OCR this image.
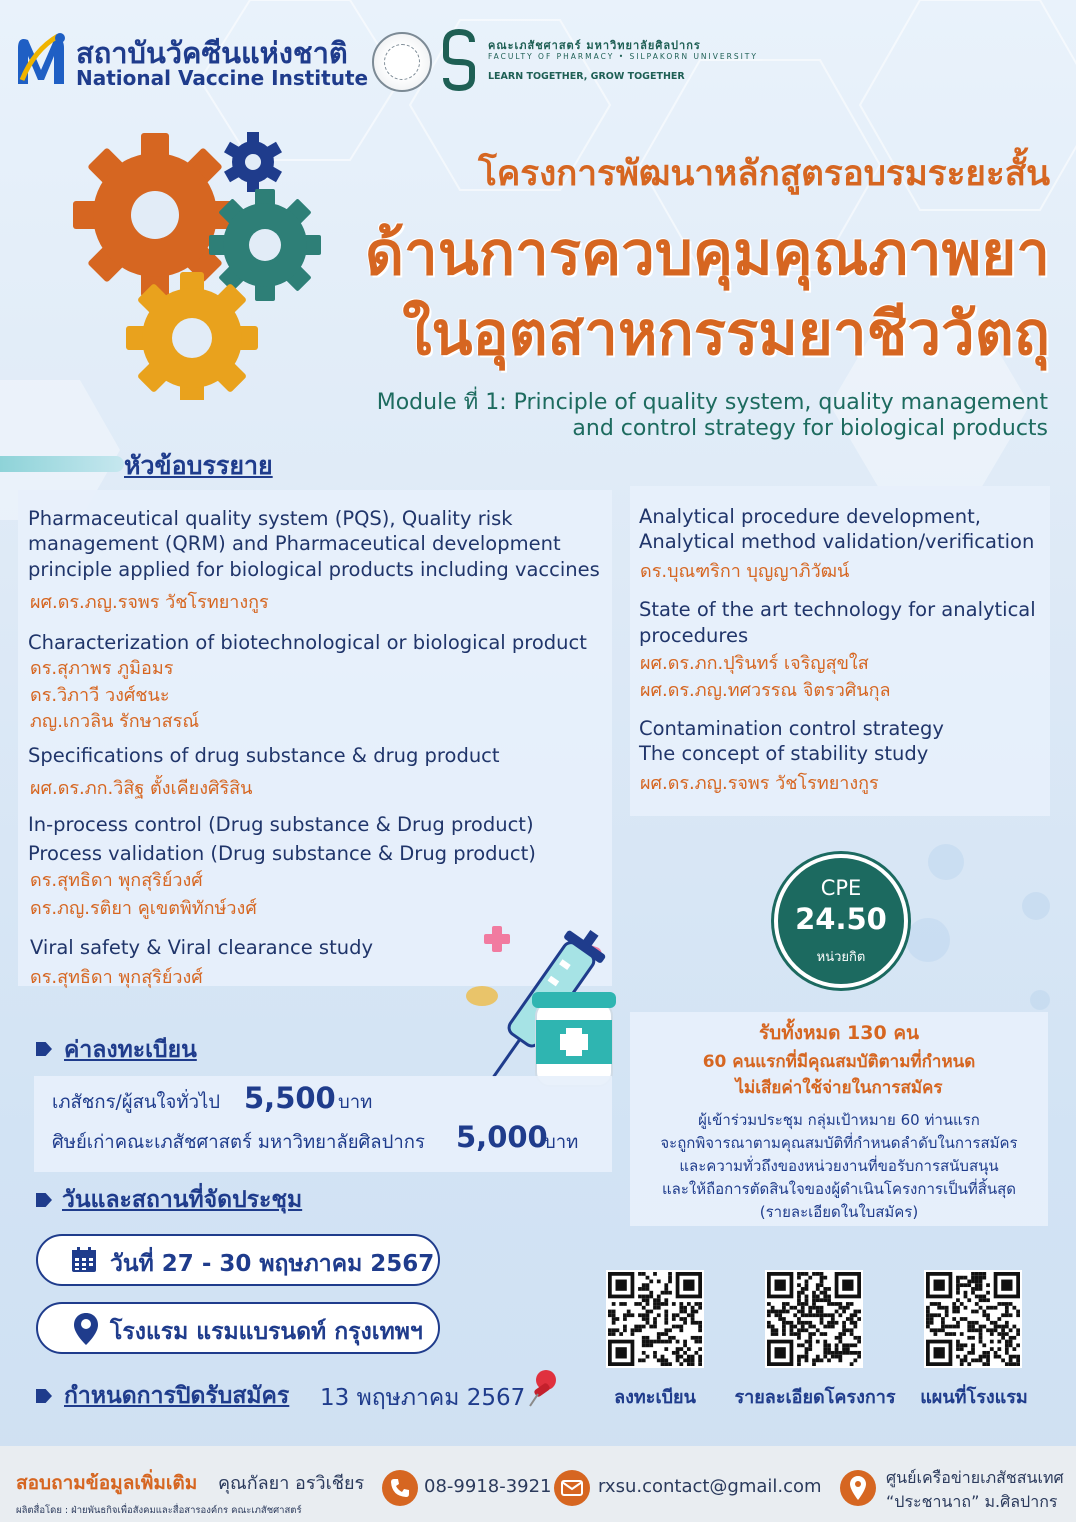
สถาบันวัคซีนแห่งชาติ
National Vaccine Institute
คณะเภสัชศาสตร์ มหาวิทยาลัยศิลปากร
FACULTY OF PHARMACY • SILPAKORN UNIVERSITY
LEARN TOGETHER, GROW TOGETHER
โครงการพัฒนาหลักสูตรอบรมระยะสั้น
ด้านการควบคุมคุณภาพยา
ในอุตสาหกรรมยาชีววัตถุ
Module ที่ 1: Principle of quality system, quality management
and control strategy for biological products
หัวข้อบรรยาย
Pharmaceutical quality system (PQS), Quality risk
management (QRM) and Pharmaceutical development
principle applied for biological products including vaccines
ผศ.ดร.ภญ.รจพร วัชโรทยางกูร
Characterization of biotechnological or biological product
ดร.สุภาพร ภูมิอมร
ดร.วิภาวี วงศ์ชนะ
ภญ.เกวลิน รักษาสรณ์
Specifications of drug substance & drug product
ผศ.ดร.ภก.วิสิฐ ตั้งเคียงศิริสิน
In-process control (Drug substance & Drug product)
Process validation (Drug substance & Drug product)
ดร.สุทธิดา พุกสุริย์วงศ์
ดร.ภญ.รติยา คูเขตพิทักษ์วงศ์
Viral safety & Viral clearance study
ดร.สุทธิดา พุกสุริย์วงศ์
Analytical procedure development,
Analytical method validation/verification
ดร.บุณฑริกา บุญญาภิวัฒน์
State of the art technology for analytical
procedures
ผศ.ดร.ภก.ปุรินทร์ เจริญสุขใส
ผศ.ดร.ภญ.ทศวรรณ จิตรวศินกุล
Contamination control strategy
The concept of stability study
ผศ.ดร.ภญ.รจพร วัชโรทยางกูร
CPE
24.50
หน่วยกิต
ค่าลงทะเบียน
เภสัชกร/ผู้สนใจทั่วไป 5,500 บาท
ศิษย์เก่าคณะเภสัชศาสตร์ มหาวิทยาลัยศิลปากร 5,000
บาท
วันและสถานที่จัดประชุม
วันที่ 27 - 30 พฤษภาคม 2567
โรงแรม แรมแบรนดท์ กรุงเทพฯ
กำหนดการปิดรับสมัคร 13 พฤษภาคม 2567
รับทั้งหมด 130 คน
60 คนแรกที่มีคุณสมบัติตามที่กำหนด
ไม่เสียค่าใช้จ่ายในการสมัคร
ผู้เข้าร่วมประชุม กลุ่มเป้าหมาย 60 ท่านแรก
จะถูกพิจารณาตามคุณสมบัติที่กำหนดลำดับในการสมัคร
และความทั่วถึงของหน่วยงานที่ขอรับการสนับสนุน
และให้ถือการตัดสินใจของผู้ดำเนินโครงการเป็นที่สิ้นสุด
(รายละเอียดในใบสมัคร)
ลงทะเบียน	รายละเอียดโครงการ	แผนที่โรงแรม
สอบถามข้อมูลเพิ่มเติม คุณกัลยา อรวิเชียร
ผลิตสื่อโดย : ฝ่ายพันธกิจเพื่อสังคมและสื่อสารองค์กร คณะเภสัชศาสตร์
08-9918-3921	rxsu.contact@gmail.com	ศูนย์เครือข่ายเภสัชสนเทศ
“ประชานาถ” ม.ศิลปากร
